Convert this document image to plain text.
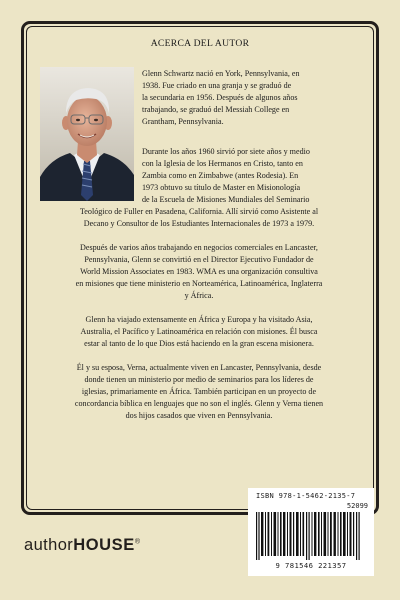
ACERCA DEL AUTOR

Glenn Schwartz nació en York, Pennsylvania, en
1938. Fue criado en una granja y se graduó de
la secundaria en 1956. Después de algunos años
trabajando, se graduó del Messiah College en
Grantham, Pennsylvania.

Durante los años 1960 sirvió por siete años y medio
con la Iglesia de los Hermanos en Cristo, tanto en
Zambia como en Zimbabwe (antes Rodesia). En
1973 obtuvo su título de Master en Misionología
de la Escuela de Misiones Mundiales del Seminario

Teológico de Fuller en Pasadena, California. Allí sirvió como Asistente al
Decano y Consultor de los Estudiantes Internacionales de 1973 a 1979.

Después de varios años trabajando en negocios comerciales en Lancaster,
Pennsylvania, Glenn se convirtió en el Director Ejecutivo Fundador de
World Mission Associates en 1983. WMA es una organización consultiva
en misiones que tiene ministerio en Norteamérica, Latinoamérica, Inglaterra
y África.

Glenn ha viajado extensamente en África y Europa y ha visitado Asia,
Australia, el Pacífico y Latinoamérica en relación con misiones. Él busca
estar al tanto de lo que Dios está haciendo en la gran escena misionera.

Él y su esposa, Verna, actualmente viven en Lancaster, Pennsylvania, desde
donde tienen un ministerio por medio de seminarios para los líderes de
iglesias, primariamente en África. También participan en un proyecto de
concordancia bíblica en lenguajes que no son el inglés. Glenn y Verna tienen
dos hijos casados que viven en Pennsylvania.

ISBN 978-1-5462-2135-7
52099
9 781546 221357
authorHOUSE®
